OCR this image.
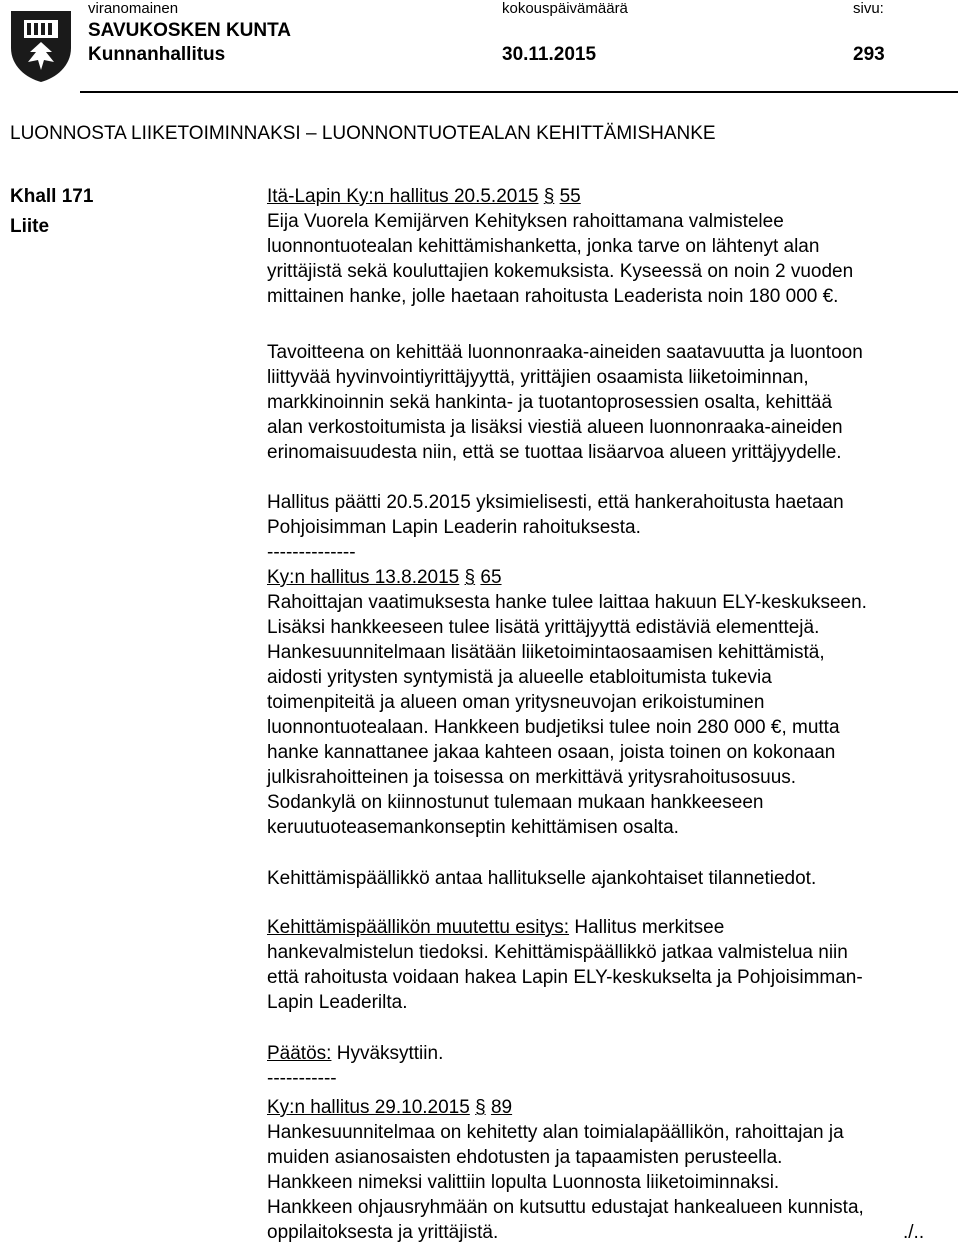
viranomainen	kokouspäivämäärä	sivu:
SAVUKOSKEN KUNTA
Kunnanhallitus	30.11.2015	293
LUONNOSTA LIIKETOIMINNAKSI – LUONNONTUOTEALAN KEHITTÄMISHANKE
Khall 171
Liite
Itä-Lapin Ky:n hallitus 20.5.2015 § 55
Eija Vuorela Kemijärven Kehityksen rahoittamana valmistelee
luonnontuotealan kehittämishanketta, jonka tarve on lähtenyt alan
yrittäjistä sekä kouluttajien kokemuksista. Kyseessä on noin 2 vuoden
mittainen hanke, jolle haetaan rahoitusta Leaderista noin 180 000 €.
Tavoitteena on kehittää luonnonraaka-aineiden saatavuutta ja luontoon
liittyvää hyvinvointiyrittäjyyttä, yrittäjien osaamista liiketoiminnan,
markkinoinnin sekä hankinta- ja tuotantoprosessien osalta, kehittää
alan verkostoitumista ja lisäksi viestiä alueen luonnonraaka-aineiden
erinomaisuudesta niin, että se tuottaa lisäarvoa alueen yrittäjyydelle.
Hallitus päätti 20.5.2015 yksimielisesti, että hankerahoitusta haetaan
Pohjoisimman Lapin Leaderin rahoituksesta.
--------------
Ky:n hallitus 13.8.2015 § 65
Rahoittajan vaatimuksesta hanke tulee laittaa hakuun ELY-keskukseen.
Lisäksi hankkeeseen tulee lisätä yrittäjyyttä edistäviä elementtejä.
Hankesuunnitelmaan lisätään liiketoimintaosaamisen kehittämistä,
aidosti yritysten syntymistä ja alueelle etabloitumista tukevia
toimenpiteitä ja alueen oman yritysneuvojan erikoistuminen
luonnontuotealaan. Hankkeen budjetiksi tulee noin 280 000 €, mutta
hanke kannattanee jakaa kahteen osaan, joista toinen on kokonaan
julkisrahoitteinen ja toisessa on merkittävä yritysrahoitusosuus.
Sodankylä on kiinnostunut tulemaan mukaan hankkeeseen
keruutuoteasemankonseptin kehittämisen osalta.
Kehittämispäällikkö antaa hallitukselle ajankohtaiset tilannetiedot.
Kehittämispäällikön muutettu esitys: Hallitus merkitsee
hankevalmistelun tiedoksi. Kehittämispäällikkö jatkaa valmistelua niin
että rahoitusta voidaan hakea Lapin ELY-keskukselta ja Pohjoisimman-
Lapin Leaderilta.
Päätös: Hyväksyttiin.
-----------
Ky:n hallitus 29.10.2015 § 89
Hankesuunnitelmaa on kehitetty alan toimialapäällikön, rahoittajan ja
muiden asianosaisten ehdotusten ja tapaamisten perusteella.
Hankkeen nimeksi valittiin lopulta Luonnosta liiketoiminnaksi.
Hankkeen ohjausryhmään on kutsuttu edustajat hankealueen kunnista,
oppilaitoksesta ja yrittäjistä.	./..
